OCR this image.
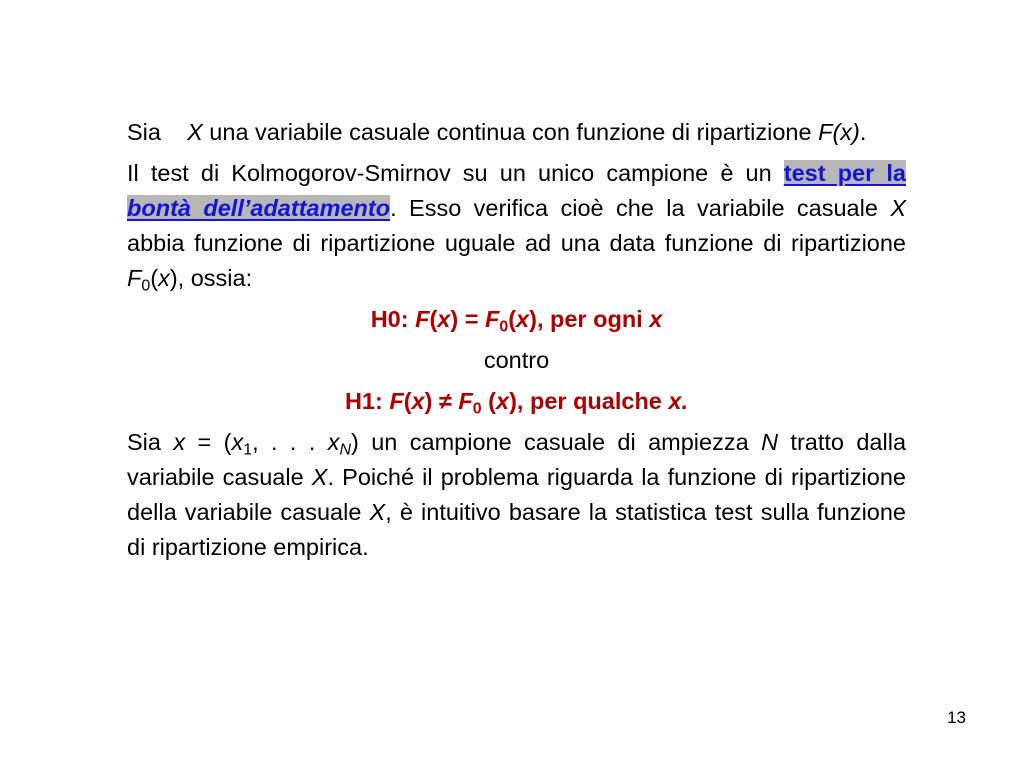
Sia X una variabile casuale continua con funzione di ripartizione F(x).

Il test di Kolmogorov-Smirnov su un unico campione è un test per la bontà dell’adattamento. Esso verifica cioè che la variabile casuale X abbia funzione di ripartizione uguale ad una data funzione di ripartizione $F_0(x)$, ossia:

H0: $F(x) = F_0(x)$, per ogni x

contro

H1: $F(x) \ne F_0$ (x), per qualche x.

Sia $x = (x_1$, . . . $x_N$) un campione casuale di ampiezza N tratto dalla variabile casuale X. Poiché il problema riguarda la funzione di ripartizione della variabile casuale X, è intuitivo basare la statistica test sulla funzione di ripartizione empirica.

13
